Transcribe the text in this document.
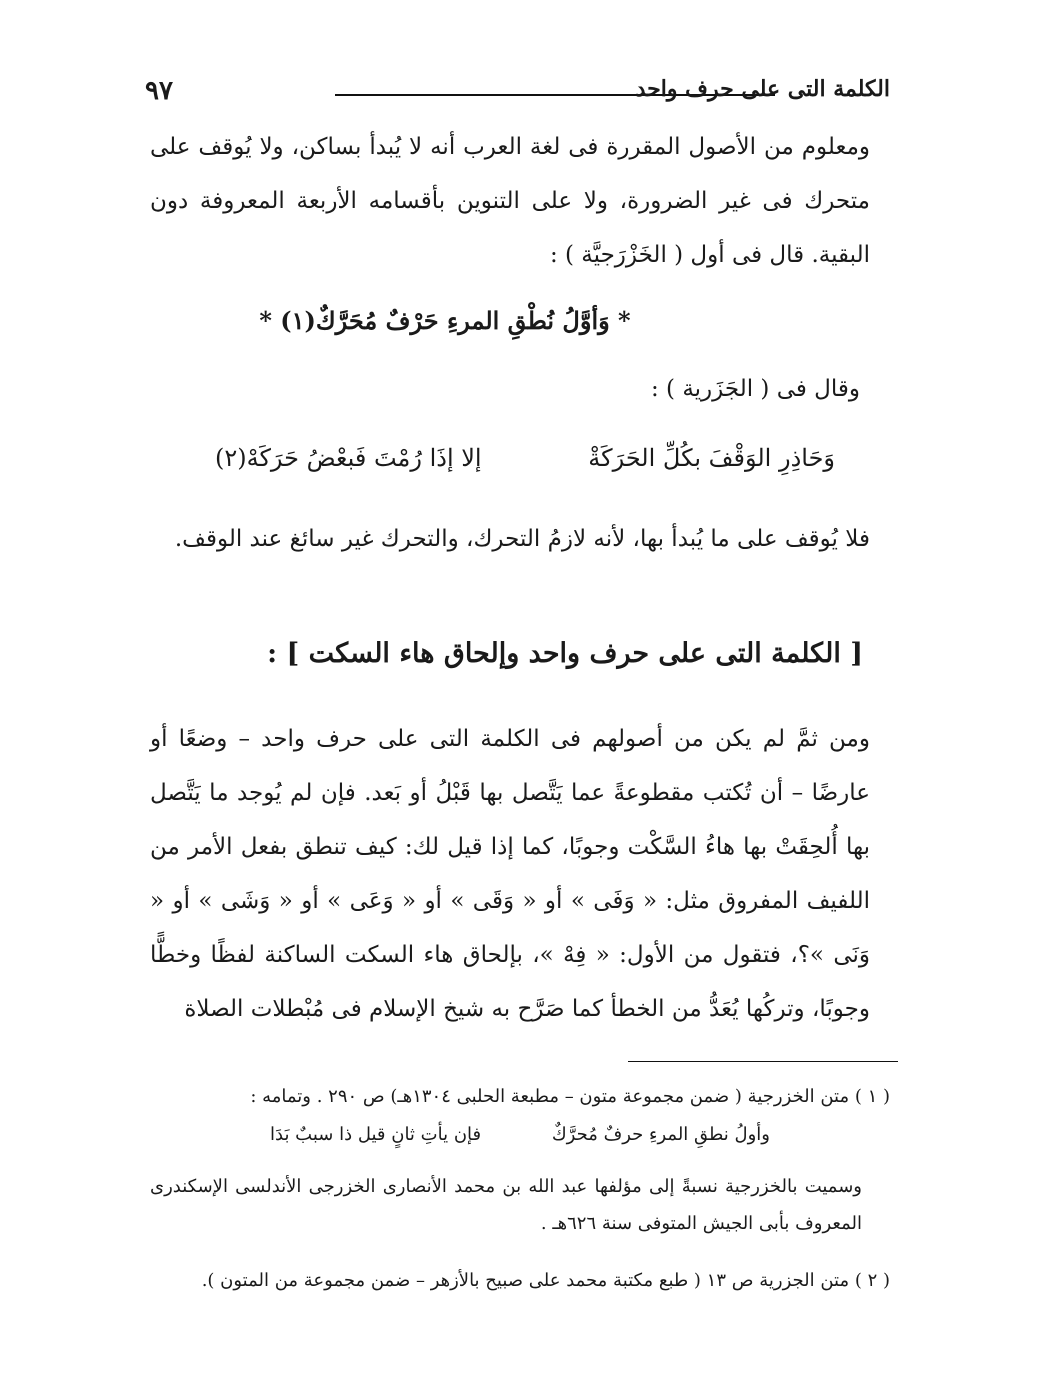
٩٧	الكلمة التى على حرف واحد
ومعلوم من الأصول المقررة فى لغة العرب أنه لا يُبدأ بساكن، ولا يُوقف على متحرك فى غير الضرورة، ولا على التنوين بأقسامه الأربعة المعروفة دون البقية. قال فى أول ( الخَزْرَجيَّة ) :
* وَأوَّلُ نُطْقِ المرءِ حَرْفٌ مُحَرَّكٌ(١) *
وقال فى ( الجَزَرية ) :
وَحَاذِرِ الوَقْفَ بكُلِّ الحَرَكَةْ
إلا إذَا رُمْتَ فَبعْضُ حَرَكَهْ(٢)
فلا يُوقف على ما يُبدأ بها، لأنه لازمُ التحرك، والتحرك غير سائغ عند الوقف.
[ الكلمة التى على حرف واحد وإلحاق هاء السكت ] :
ومن ثمَّ لم يكن من أصولهم فى الكلمة التى على حرف واحد – وضعًا أو عارضًا – أن تُكتب مقطوعةً عما يَتَّصل بها قَبْلُ أو بَعد. فإن لم يُوجد ما يَتَّصل بها أُلحِقَتْ بها هاءُ السَّكْت وجوبًا، كما إذا قيل لك: كيف تنطق بفعل الأمر من اللفيف المفروق مثل: « وَفَى » أو « وَقَى » أو « وَعَى » أو « وَشَى » أو « وَنَى »؟، فتقول من الأول: « فِهْ »، بإلحاق هاء السكت الساكنة لفظًا وخطًّا وجوبًا، وتركُها يُعَدُّ من الخطأ كما صَرَّح به شيخ الإسلام فى مُبْطلات الصلاة
( ١ ) متن الخزرجية ( ضمن مجموعة متون – مطبعة الحلبى ١٣٠٤هـ) ص ٢٩٠ . وتمامه :
وأولُ نطقِ المرءِ حرفٌ مُحرَّكٌ
فإن يأتِ ثانٍ قيل ذا سببٌ بَدَا
وسميت بالخزرجية نسبةً إلى مؤلفها عبد الله بن محمد الأنصارى الخزرجى الأندلسى الإسكندرى المعروف بأبى الجيش المتوفى سنة ٦٢٦هـ .
( ٢ ) متن الجزرية ص ١٣ ( طبع مكتبة محمد على صبيح بالأزهر – ضمن مجموعة من المتون ).
